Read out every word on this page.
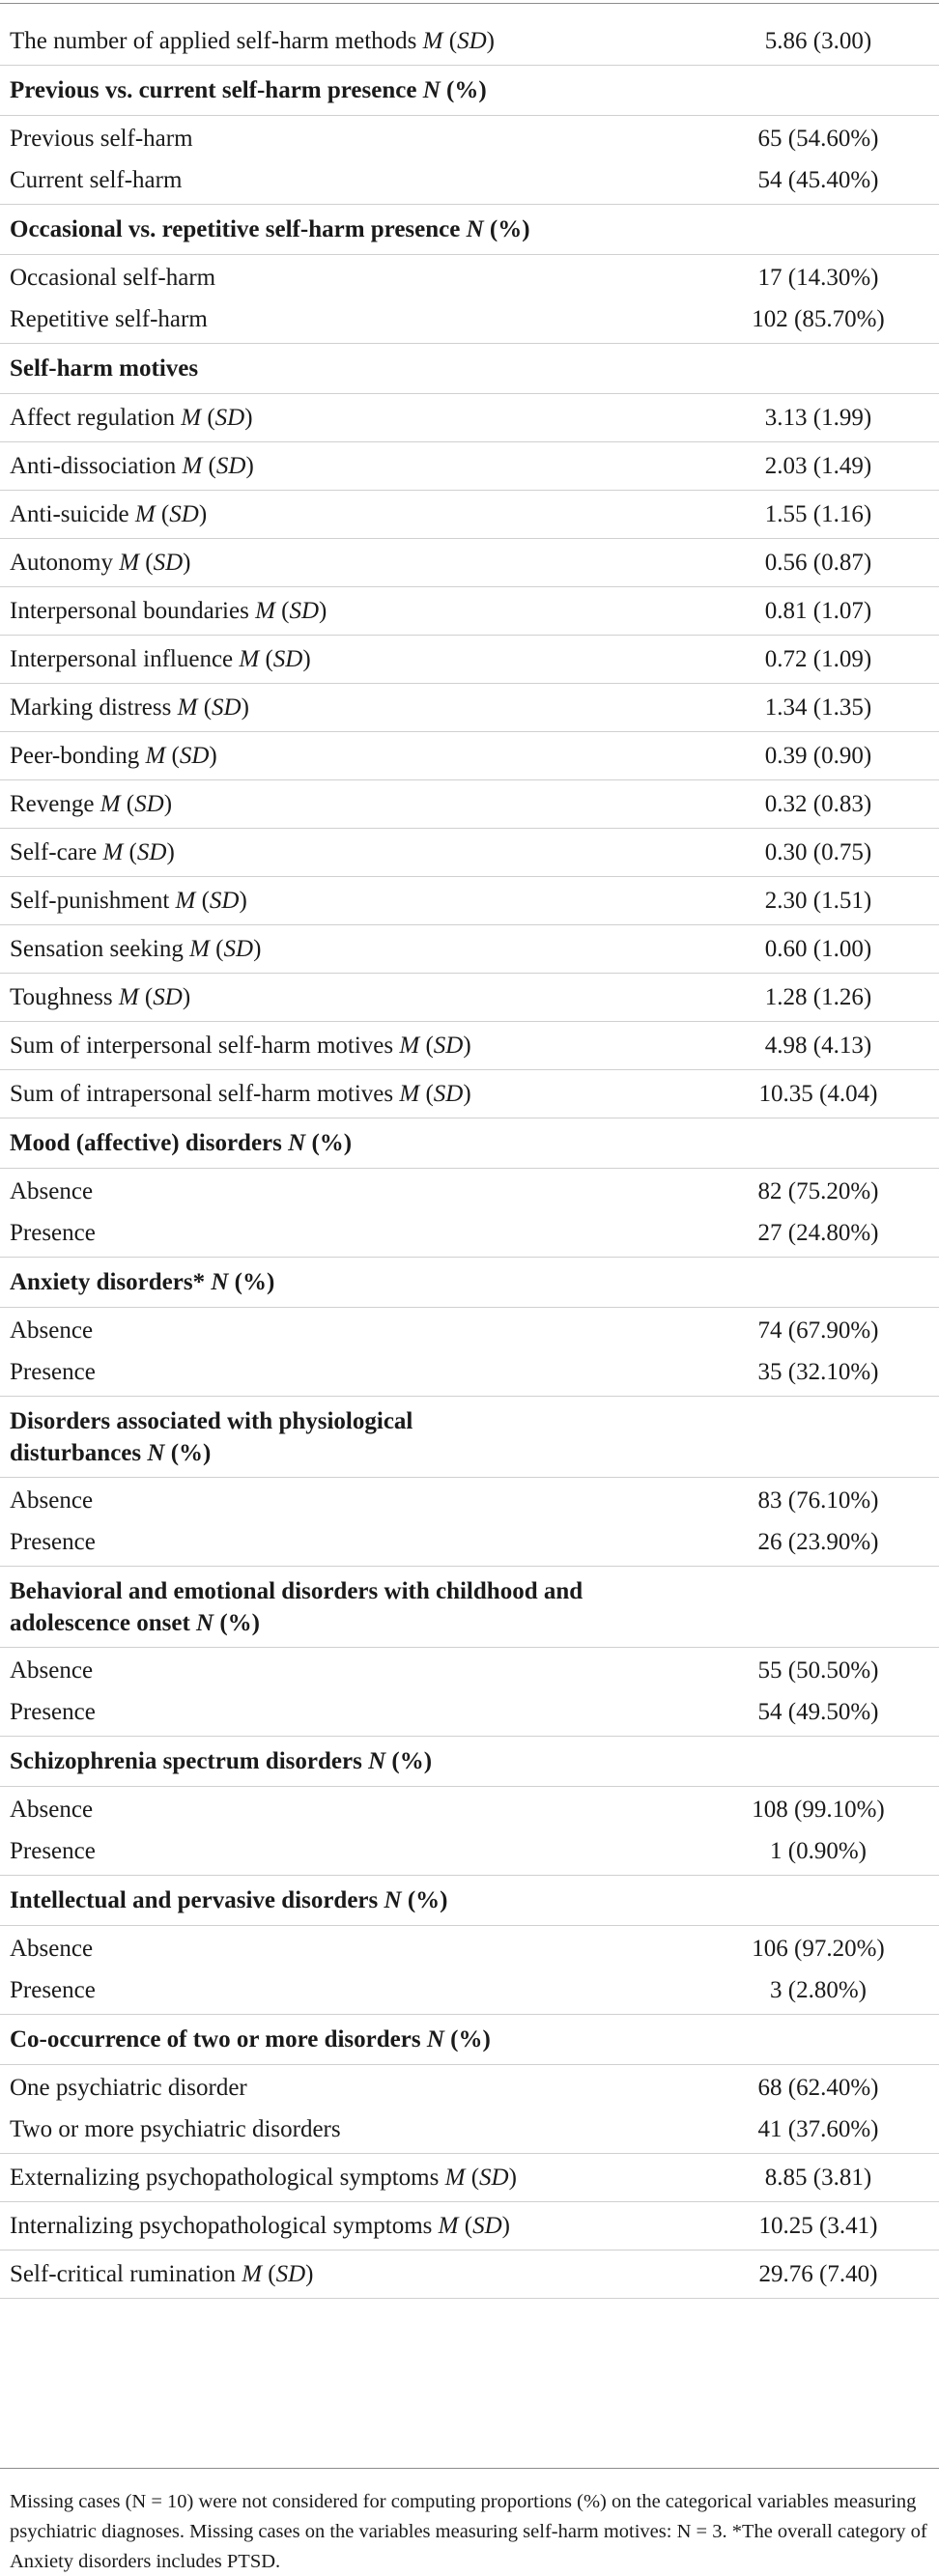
The number of applied self-harm methods M (SD)	5.86 (3.00)
Previous vs. current self-harm presence N (%)
Previous self-harm	65 (54.60%)
Current self-harm	54 (45.40%)
Occasional vs. repetitive self-harm presence N (%)
Occasional self-harm	17 (14.30%)
Repetitive self-harm	102 (85.70%)
Self-harm motives
Affect regulation M (SD)	3.13 (1.99)
Anti-dissociation M (SD)	2.03 (1.49)
Anti-suicide M (SD)	1.55 (1.16)
Autonomy M (SD)	0.56 (0.87)
Interpersonal boundaries M (SD)	0.81 (1.07)
Interpersonal influence M (SD)	0.72 (1.09)
Marking distress M (SD)	1.34 (1.35)
Peer-bonding M (SD)	0.39 (0.90)
Revenge M (SD)	0.32 (0.83)
Self-care M (SD)	0.30 (0.75)
Self-punishment M (SD)	2.30 (1.51)
Sensation seeking M (SD)	0.60 (1.00)
Toughness M (SD)	1.28 (1.26)
Sum of interpersonal self-harm motives M (SD)	4.98 (4.13)
Sum of intrapersonal self-harm motives M (SD)	10.35 (4.04)
Mood (affective) disorders N (%)
Absence	82 (75.20%)
Presence	27 (24.80%)
Anxiety disorders* N (%)
Absence	74 (67.90%)
Presence	35 (32.10%)
Disorders associated with physiological
disturbances N (%)
Absence	83 (76.10%)
Presence	26 (23.90%)
Behavioral and emotional disorders with childhood and
adolescence onset N (%)
Absence	55 (50.50%)
Presence	54 (49.50%)
Schizophrenia spectrum disorders N (%)
Absence	108 (99.10%)
Presence	1 (0.90%)
Intellectual and pervasive disorders N (%)
Absence	106 (97.20%)
Presence	3 (2.80%)
Co-occurrence of two or more disorders N (%)
One psychiatric disorder	68 (62.40%)
Two or more psychiatric disorders	41 (37.60%)
Externalizing psychopathological symptoms M (SD)	8.85 (3.81)
Internalizing psychopathological symptoms M (SD)	10.25 (3.41)
Self-critical rumination M (SD)	29.76 (7.40)
Missing cases (N = 10) were not considered for computing proportions (%) on the categorical variables measuring psychiatric diagnoses. Missing cases on the variables measuring self-harm motives: N = 3. *The overall category of Anxiety disorders includes PTSD.
